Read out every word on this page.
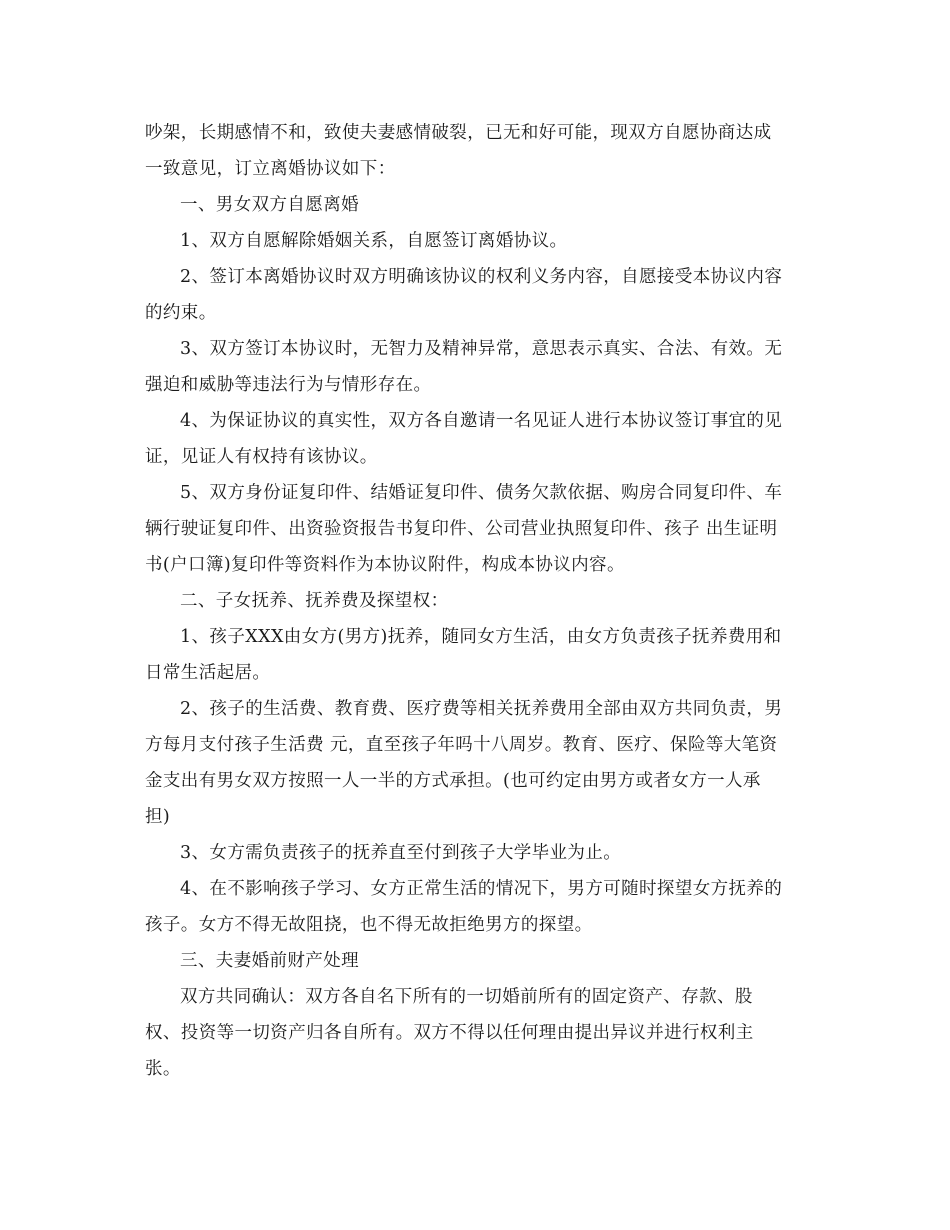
吵架，长期感情不和，致使夫妻感情破裂，已无和好可能，现双方自愿协商达成
一致意见，订立离婚协议如下：

一、男女双方自愿离婚

1、双方自愿解除婚姻关系，自愿签订离婚协议。

2、签订本离婚协议时双方明确该协议的权利义务内容，自愿接受本协议内容
的约束。

3、双方签订本协议时，无智力及精神异常，意思表示真实、合法、有效。无
强迫和威胁等违法行为与情形存在。

4、为保证协议的真实性，双方各自邀请一名见证人进行本协议签订事宜的见
证，见证人有权持有该协议。

5、双方身份证复印件、结婚证复印件、债务欠款依据、购房合同复印件、车
辆行驶证复印件、出资验资报告书复印件、公司营业执照复印件、孩子 出生证明
书(户口簿)复印件等资料作为本协议附件，构成本协议内容。

二、子女抚养、抚养费及探望权：

1、孩子XXX由女方(男方)抚养，随同女方生活，由女方负责孩子抚养费用和
日常生活起居。

2、孩子的生活费、教育费、医疗费等相关抚养费用全部由双方共同负责，男
方每月支付孩子生活费 元，直至孩子年吗十八周岁。教育、医疗、保险等大笔资
金支出有男女双方按照一人一半的方式承担。(也可约定由男方或者女方一人承
担)

3、女方需负责孩子的抚养直至付到孩子大学毕业为止。

4、在不影响孩子学习、女方正常生活的情况下，男方可随时探望女方抚养的
孩子。女方不得无故阻挠，也不得无故拒绝男方的探望。

三、夫妻婚前财产处理

双方共同确认：双方各自名下所有的一切婚前所有的固定资产、存款、股
权、投资等一切资产归各自所有。双方不得以任何理由提出异议并进行权利主
张。
